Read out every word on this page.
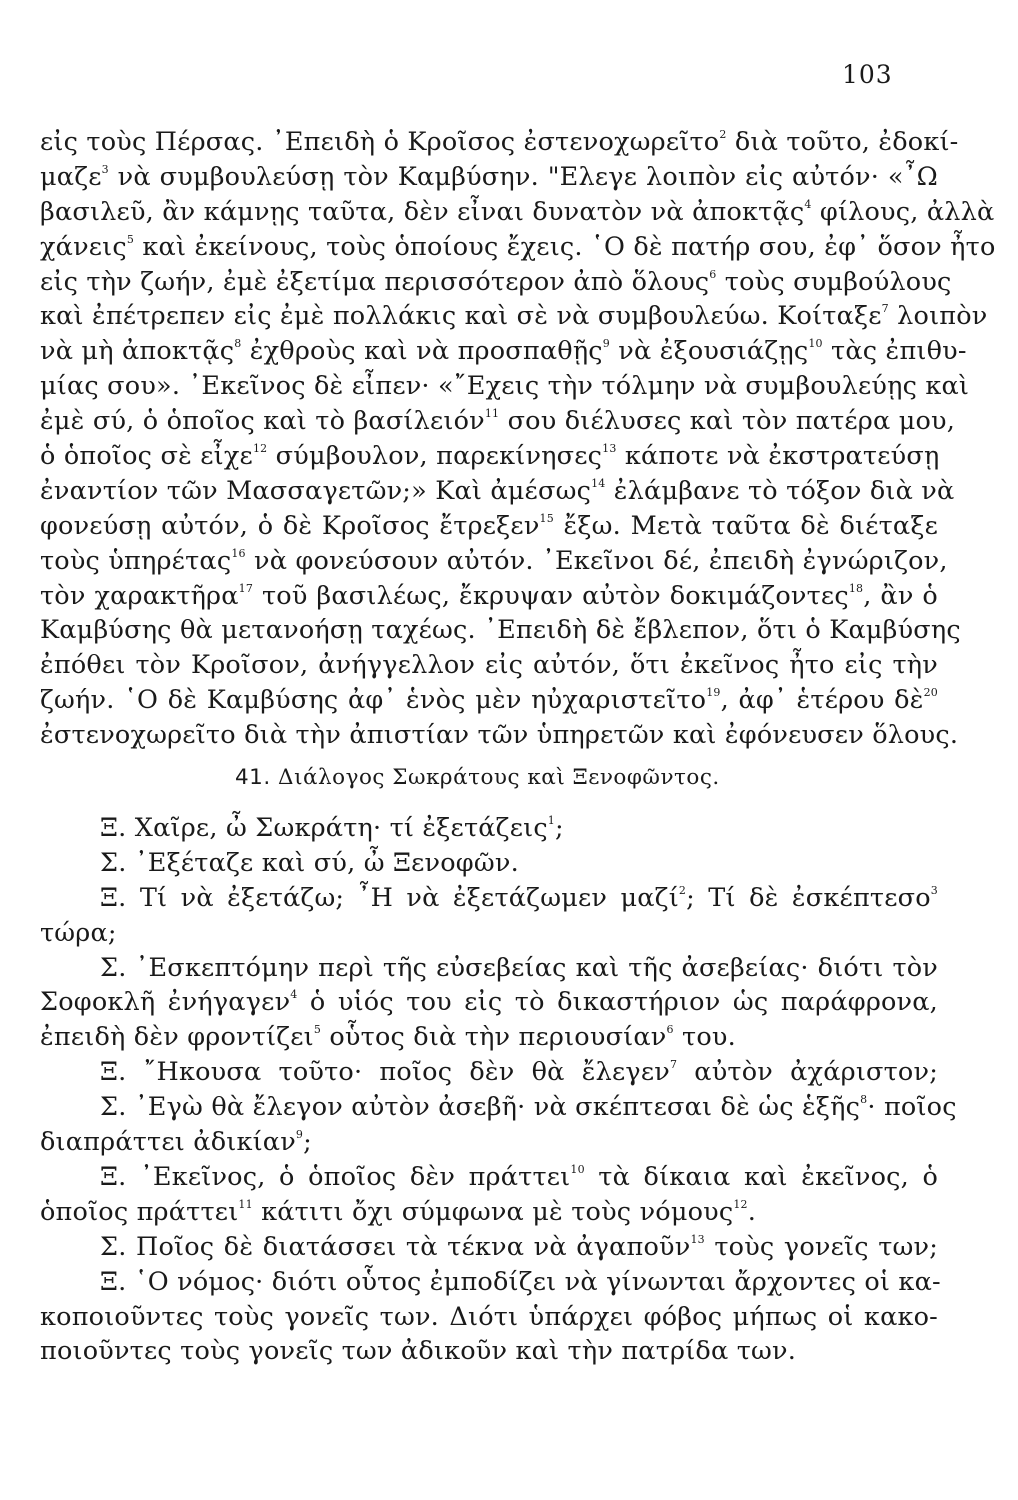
103
εἰς τοὺς Πέρσας. ᾿Επειδὴ ὁ Κροῖσος ἐστενοχωρεῖτο$^2$ διὰ τοῦτο, ἐδοκί-
μαζε$^3$ νὰ συμβουλεύσῃ τὸν Καμβύσην. "Ελεγε λοιπὸν εἰς αὐτόν· «῏Ω
βασιλεῦ, ἂν κάμνῃς ταῦτα, δὲν εἶναι δυνατὸν νὰ ἀποκτᾷς$^4$ φίλους, ἀλλὰ
χάνεις$^5$ καὶ ἐκείνους, τοὺς ὁποίους ἔχεις. ῾Ο δὲ πατήρ σου, ἐφ᾿ ὅσον ἦτο
εἰς τὴν ζωήν, ἐμὲ ἐξετίμα περισσότερον ἀπὸ ὅλους$^6$ τοὺς συμβούλους
καὶ ἐπέτρεπεν εἰς ἐμὲ πολλάκις καὶ σὲ νὰ συμβουλεύω. Κοίταξε$^7$ λοιπὸν
νὰ μὴ ἀποκτᾷς$^8$ ἐχθροὺς καὶ νὰ προσπαθῇς$^9$ νὰ ἐξουσιάζῃς$^{10}$ τὰς ἐπιθυ-
μίας σου». ᾿Εκεῖνος δὲ εἶπεν· «῎Εχεις τὴν τόλμην νὰ συμβουλεύῃς καὶ
ἐμὲ σύ, ὁ ὁποῖος καὶ τὸ βασίλειόν$^{11}$ σου διέλυσες καὶ τὸν πατέρα μου,
ὁ ὁποῖος σὲ εἶχε$^{12}$ σύμβουλον, παρεκίνησες$^{13}$ κάποτε νὰ ἐκστρατεύσῃ
ἐναντίον τῶν Μασσαγετῶν;» Καὶ ἀμέσως$^{14}$ ἐλάμβανε τὸ τόξον διὰ νὰ
φονεύσῃ αὐτόν, ὁ δὲ Κροῖσος ἔτρεξεν$^{15}$ ἔξω. Μετὰ ταῦτα δὲ διέταξε
τοὺς ὑπηρέτας$^{16}$ νὰ φονεύσουν αὐτόν. ᾿Εκεῖνοι δέ, ἐπειδὴ ἐγνώριζον,
τὸν χαρακτῆρα$^{17}$ τοῦ βασιλέως, ἔκρυψαν αὐτὸν δοκιμάζοντες$^{18}$, ἂν ὁ
Καμβύσης θὰ μετανοήσῃ ταχέως. ᾿Επειδὴ δὲ ἔβλεπον, ὅτι ὁ Καμβύσης
ἐπόθει τὸν Κροῖσον, ἀνήγγελλον εἰς αὐτόν, ὅτι ἐκεῖνος ἦτο εἰς τὴν
ζωήν. ῾Ο δὲ Καμβύσης ἀφ᾿ ἑνὸς μὲν ηὐχαριστεῖτο$^{19}$, ἀφ᾿ ἑτέρου δὲ$^{20}$
ἐστενοχωρεῖτο διὰ τὴν ἀπιστίαν τῶν ὑπηρετῶν καὶ ἐφόνευσεν ὅλους.
41. Διάλογος Σωκράτους καὶ Ξενοφῶντος.
Ξ. Χαῖρε, ὦ Σωκράτη· τί ἐξετάζεις$^1$;
Σ. ᾿Εξέταζε καὶ σύ, ὦ Ξενοφῶν.
Ξ. Τί νὰ ἐξετάζω; ῏Η νὰ ἐξετάζωμεν μαζί$^2$; Τί δὲ ἐσκέπτεσο$^3$
τώρα;
Σ. ᾿Εσκεπτόμην περὶ τῆς εὐσεβείας καὶ τῆς ἀσεβείας· διότι τὸν
Σοφοκλῆ ἐνήγαγεν$^4$ ὁ υἱός του εἰς τὸ δικαστήριον ὡς παράφρονα,
ἐπειδὴ δὲν φροντίζει$^5$ οὗτος διὰ τὴν περιουσίαν$^6$ του.
Ξ. ῎Ηκουσα τοῦτο· ποῖος δὲν θὰ ἔλεγεν$^7$ αὐτὸν ἀχάριστον;
Σ. ᾿Εγὼ θὰ ἔλεγον αὐτὸν ἀσεβῆ· νὰ σκέπτεσαι δὲ ὡς ἑξῆς$^8$· ποῖος
διαπράττει ἀδικίαν$^9$;
Ξ. ᾿Εκεῖνος, ὁ ὁποῖος δὲν πράττει$^{10}$ τὰ δίκαια καὶ ἐκεῖνος, ὁ
ὁποῖος πράττει$^{11}$ κάτιτι ὄχι σύμφωνα μὲ τοὺς νόμους$^{12}$.
Σ. Ποῖος δὲ διατάσσει τὰ τέκνα νὰ ἀγαποῦν$^{13}$ τοὺς γονεῖς των;
Ξ. ῾Ο νόμος· διότι οὗτος ἐμποδίζει νὰ γίνωνται ἄρχοντες οἱ κα-
κοποιοῦντες τοὺς γονεῖς των. Διότι ὑπάρχει φόβος μήπως οἱ κακο-
ποιοῦντες τοὺς γονεῖς των ἀδικοῦν καὶ τὴν πατρίδα των.
